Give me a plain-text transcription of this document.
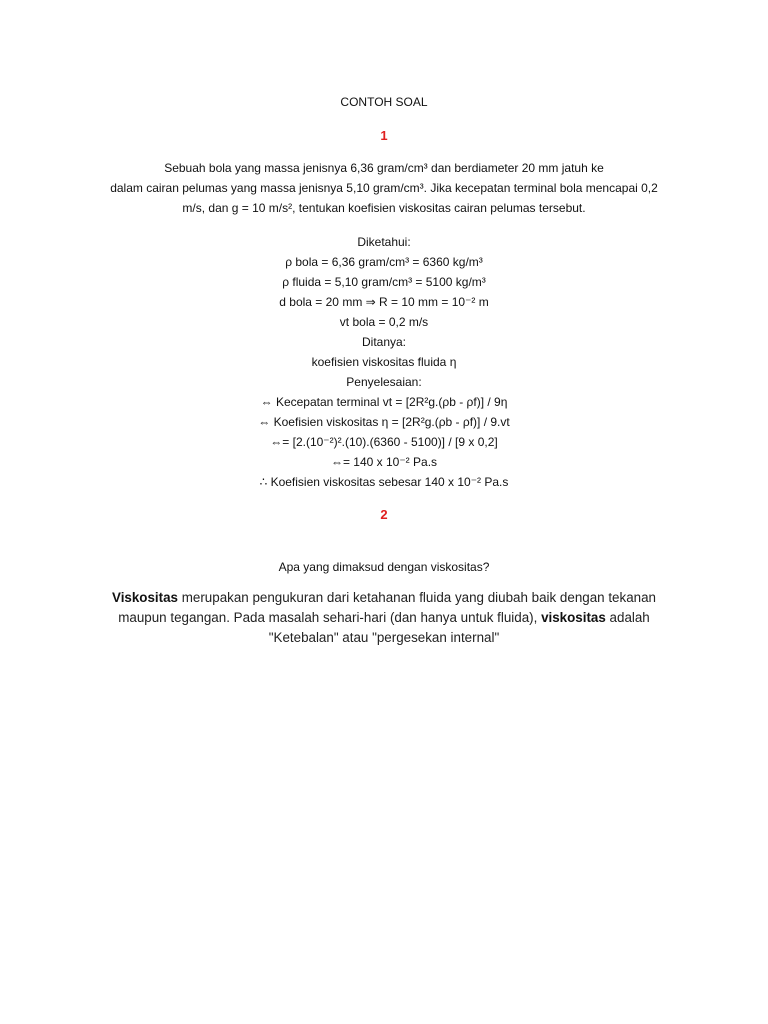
CONTOH SOAL
1
Sebuah bola yang massa jenisnya 6,36 gram/cm³ dan berdiameter 20 mm jatuh ke
dalam cairan pelumas yang massa jenisnya 5,10 gram/cm³. Jika kecepatan terminal bola mencapai 0,2
m/s, dan g = 10 m/s², tentukan koefisien viskositas cairan pelumas tersebut.
Diketahui:
ρ bola = 6,36 gram/cm³ = 6360 kg/m³
ρ fluida = 5,10 gram/cm³ = 5100 kg/m³
d bola = 20 mm ⇒ R = 10 mm = 10⁻² m
vt bola = 0,2 m/s
Ditanya:
koefisien viskositas fluida η
Penyelesaian:
⇔ Kecepatan terminal vt = [2R²g.(ρb - ρf)] / 9η
⇔ Koefisien viskositas η = [2R²g.(ρb - ρf)] / 9.vt
⇔= [2.(10⁻²)².(10).(6360 - 5100)] / [9 x 0,2]
⇔= 140 x 10⁻² Pa.s
∴ Koefisien viskositas sebesar 140 x 10⁻² Pa.s
2
Apa yang dimaksud dengan viskositas?
Viskositas merupakan pengukuran dari ketahanan fluida yang diubah baik dengan tekanan maupun tegangan. Pada masalah sehari-hari (dan hanya untuk fluida), viskositas adalah "Ketebalan" atau "pergesekan internal"
